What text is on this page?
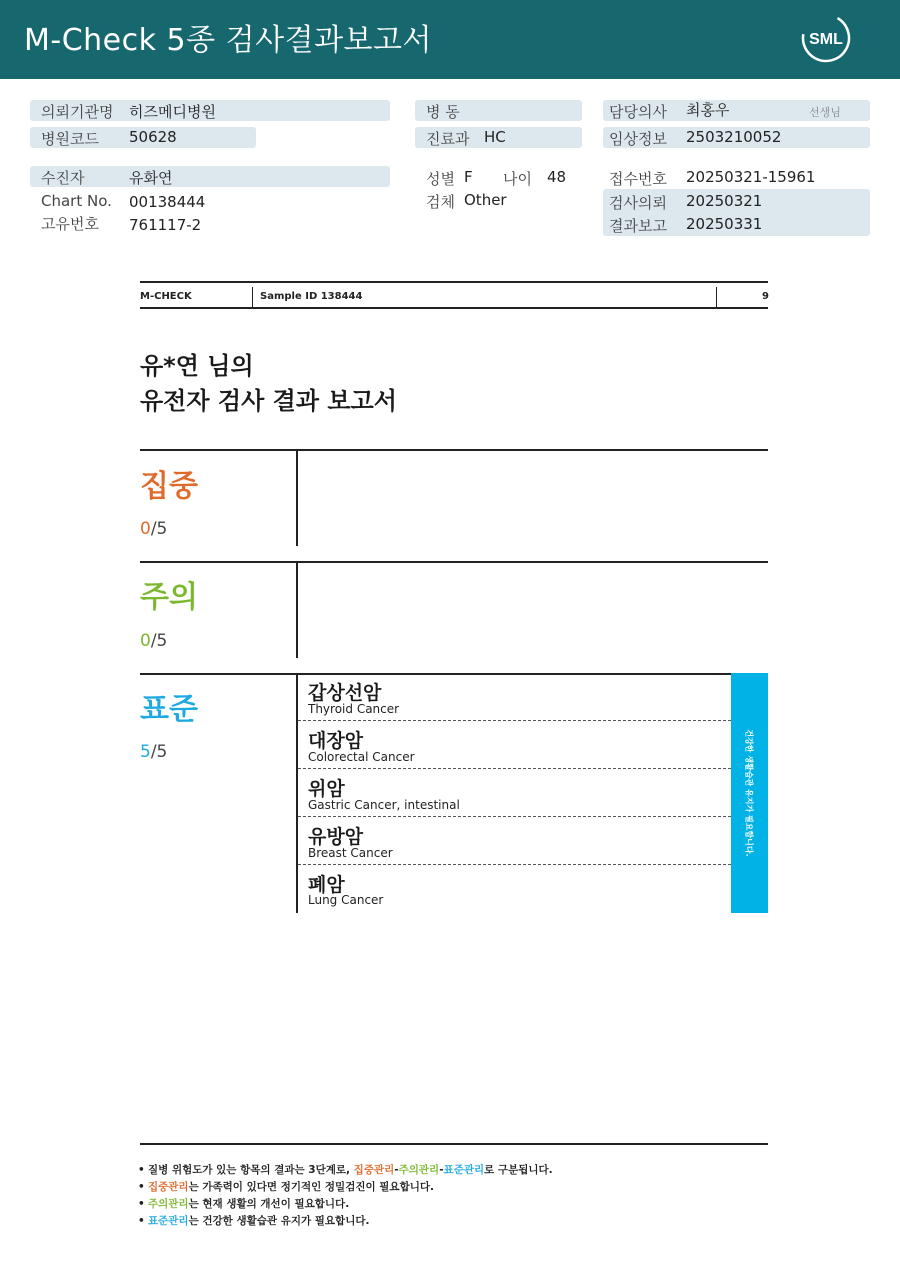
M-Check 5종 검사결과보고서	SML
의뢰기관명 히즈메디병원
병원코드 50628
수진자	유화연
Chart No. 00138444
고유번호 761117-2
병 동
진료과 HC
성별 F 나이 48
검체 Other
담당의사 최홍우	선생님
임상정보 2503210052
접수번호 20250321-15961
검사의뢰 20250321
결과보고 20250331
M-CHECK	Sample ID 138444	9
유*연 님의
유전자 검사 결과 보고서
집중
0/5
주의
0/5
표준
5/5
갑상선암
Thyroid Cancer
대장암
Colorectal Cancer
위암
Gastric Cancer, intestinal
유방암
Breast Cancer
폐암
Lung Cancer
건강한 생활습관 유지가 필요합니다.
• 질병 위험도가 있는 항목의 결과는 3단계로, 집중관리-주의관리-표준관리로 구분됩니다.
• 집중관리는 가족력이 있다면 정기적인 정밀검진이 필요합니다.
• 주의관리는 현재 생활의 개선이 필요합니다.
• 표준관리는 건강한 생활습관 유지가 필요합니다.
